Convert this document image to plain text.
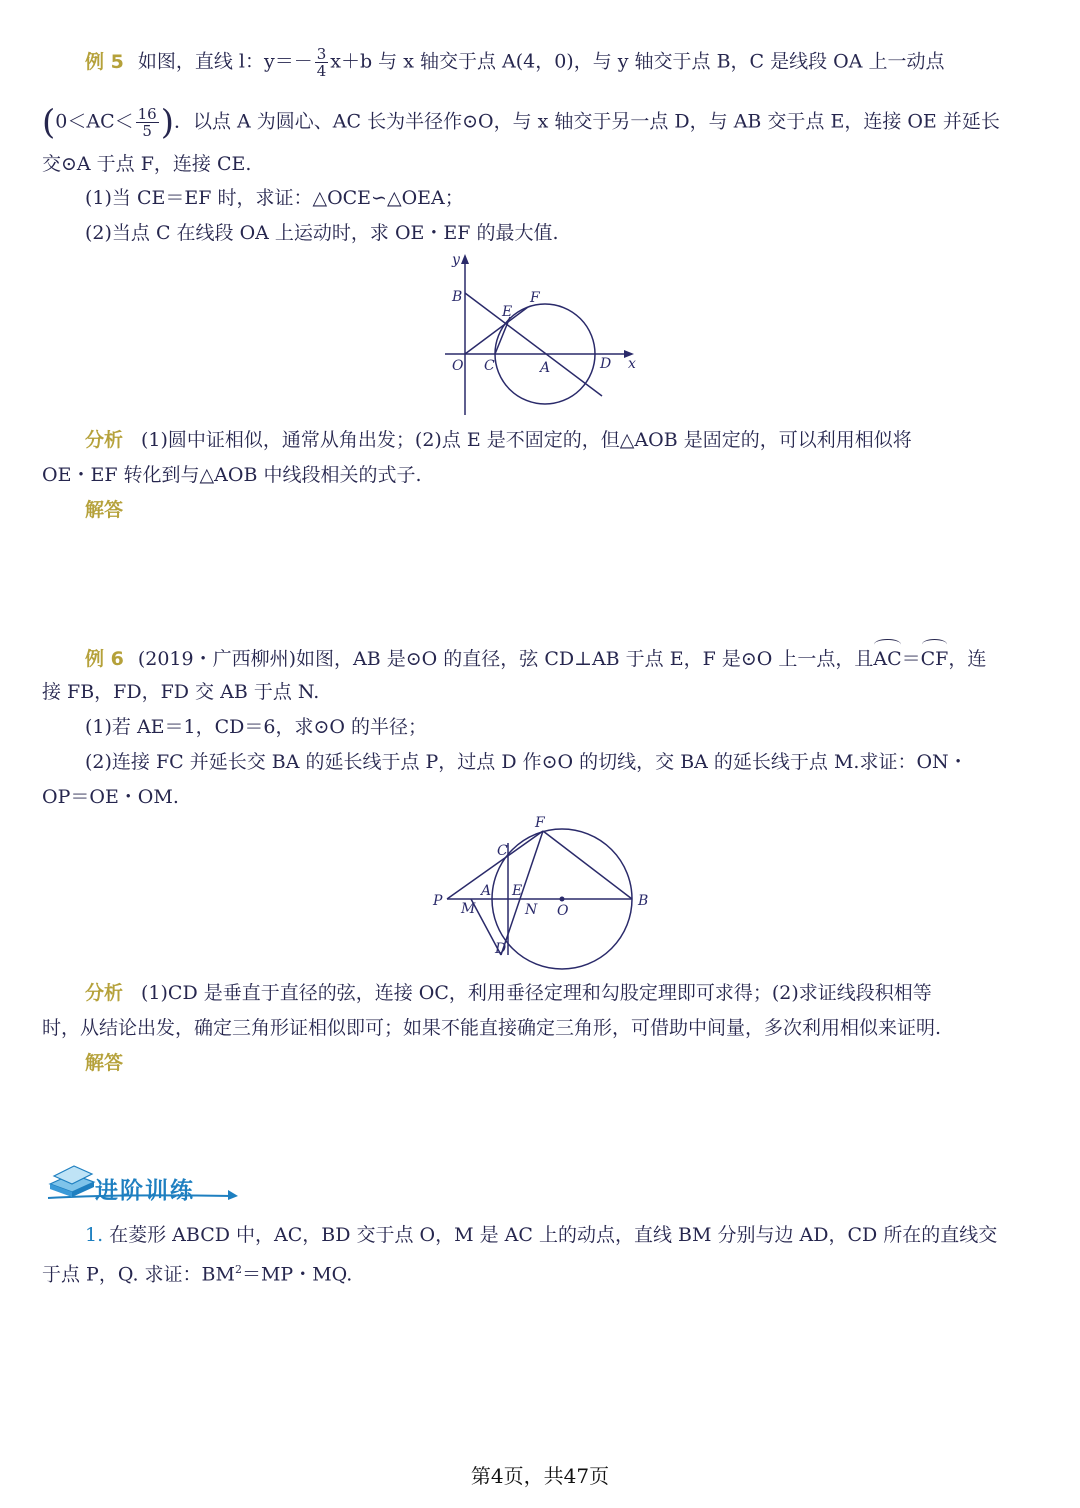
例 5 如图，直线 l：$y=- \frac{3}{4} x+b$ 与 x 轴交于点 A(4，0)，与 y 轴交于点 B，C 是线段 OA 上一动点
($0<AC< \frac{16}{5}$ )．以点 A 为圆心、AC 长为半径作⊙O，与 x 轴交于另一点 D，与 AB 交于点 E，连接 OE 并延长
交⊙A 于点 F，连接 CE.
(1)当 CE＝EF 时，求证：△OCE∽△OEA；
(2)当点 C 在线段 OA 上运动时，求 OE・EF 的最大值.
y
B
E
F
O C	A	D x
分析 (1)圆中证相似，通常从角出发；(2)点 E 是不固定的，但△AOB 是固定的，可以利用相似将
OE・EF 转化到与△AOB 中线段相关的式子.
解答
例 6 (2019・广西柳州)如图，AB 是⊙O 的直径，弦 CD⊥AB 于点 E，F 是⊙O 上一点，且AC＝CF，连
接 FB，FD，FD 交 AB 于点 N.
(1)若 AE＝1，CD＝6，求⊙O 的半径；
(2)连接 FC 并延长交 BA 的延长线于点 P，过点 D 作⊙O 的切线，交 BA 的延长线于点 M.求证：ON・
OP＝OE・OM.
F
C
P
A E
M	N O
B
D
分析 (1)CD 是垂直于直径的弦，连接 OC，利用垂径定理和勾股定理即可求得；(2)求证线段积相等
时，从结论出发，确定三角形证相似即可；如果不能直接确定三角形，可借助中间量，多次利用相似来证明.
解答
进阶训练
1. 在菱形 ABCD 中，AC，BD 交于点 O，M 是 AC 上的动点，直线 BM 分别与边 AD，CD 所在的直线交
于点 P，Q. 求证：$BM^2=MP$・MQ.
第4页，共47页
